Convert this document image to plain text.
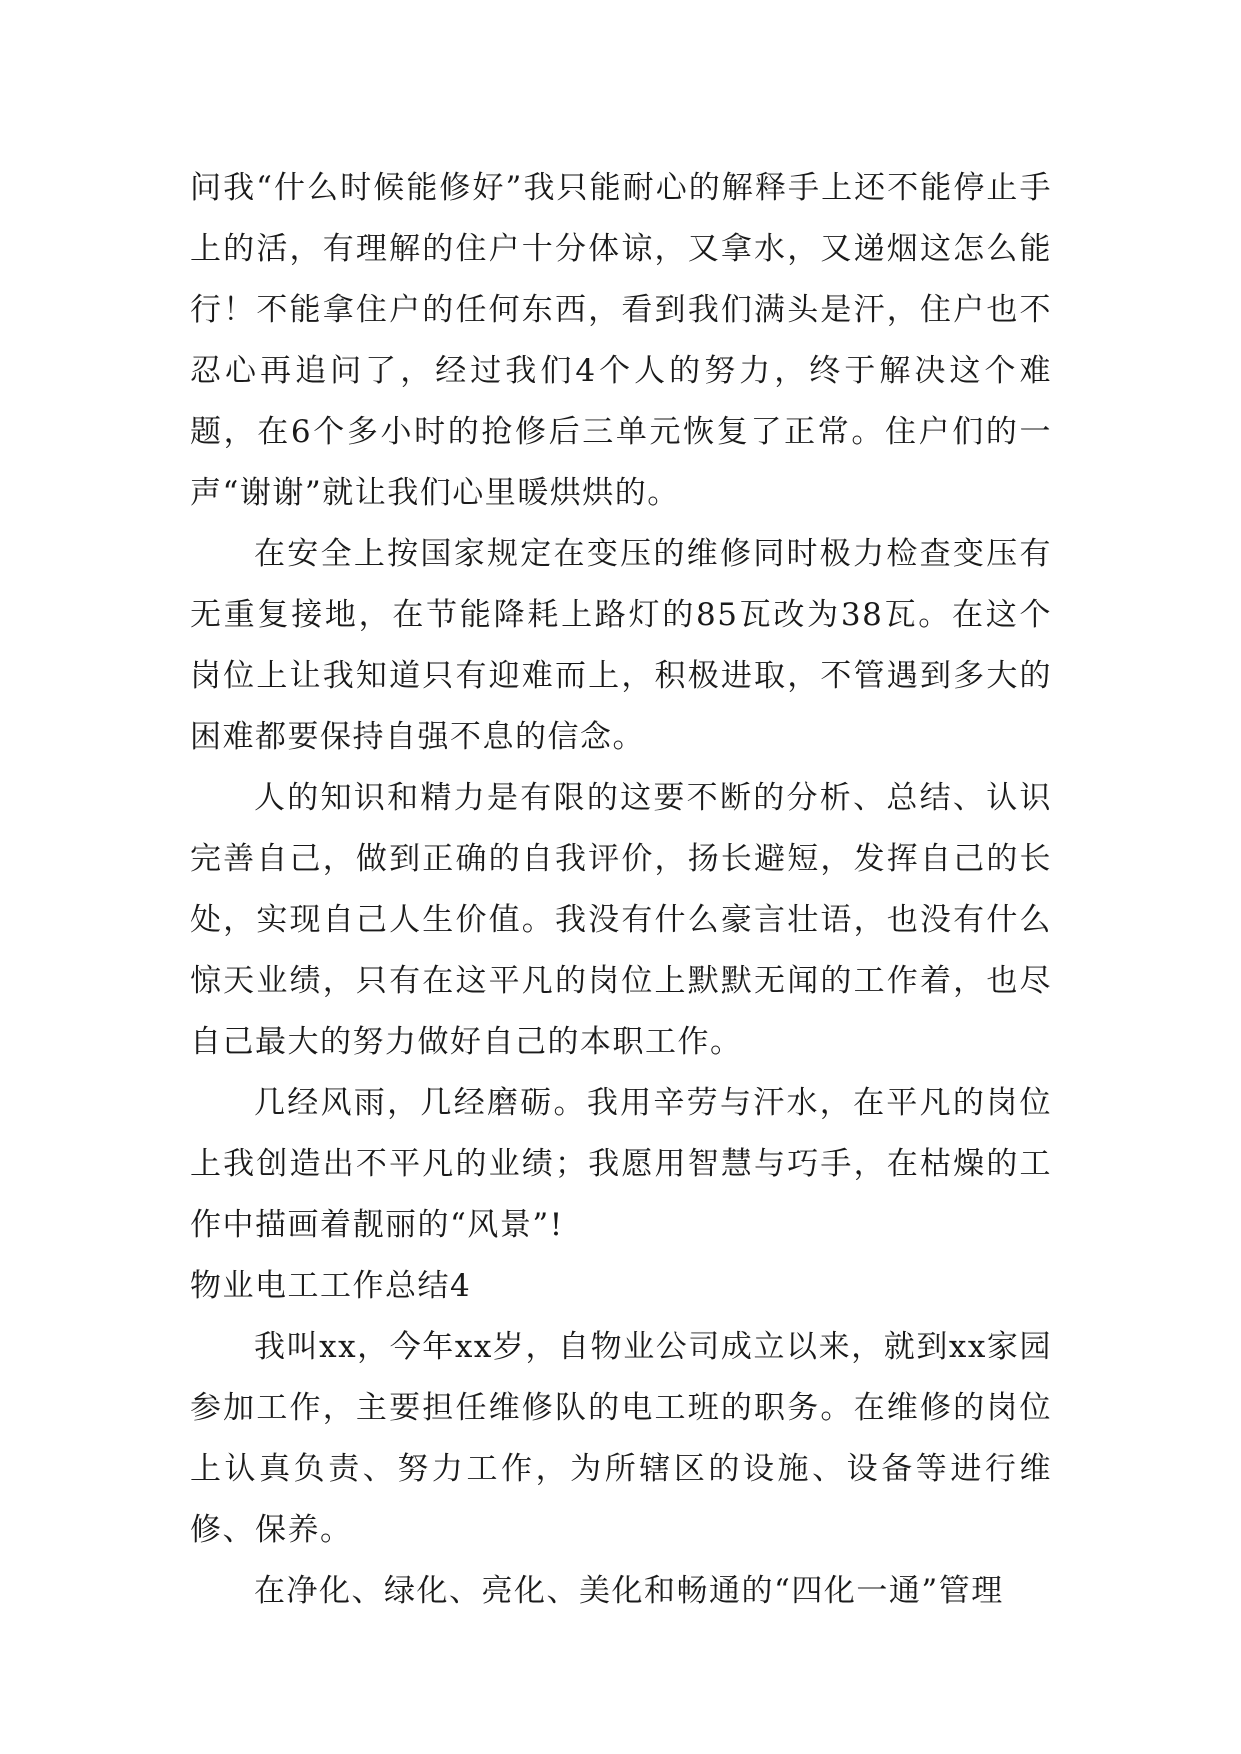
问我“什么时候能修好”我只能耐心的解释手上还不能停止手上的活，有理解的住户十分体谅，又拿水，又递烟这怎么能行！不能拿住户的任何东西，看到我们满头是汗，住户也不忍心再追问了，经过我们4个人的努力，终于解决这个难题，在6个多小时的抢修后三单元恢复了正常。住户们的一声“谢谢”就让我们心里暖烘烘的。

在安全上按国家规定在变压的维修同时极力检查变压有无重复接地，在节能降耗上路灯的85瓦改为38瓦。在这个岗位上让我知道只有迎难而上，积极进取，不管遇到多大的困难都要保持自强不息的信念。

人的知识和精力是有限的这要不断的分析、总结、认识完善自己，做到正确的自我评价，扬长避短，发挥自己的长处，实现自己人生价值。我没有什么豪言壮语，也没有什么惊天业绩，只有在这平凡的岗位上默默无闻的工作着，也尽自己最大的努力做好自己的本职工作。

几经风雨，几经磨砺。我用辛劳与汗水，在平凡的岗位上我创造出不平凡的业绩；我愿用智慧与巧手，在枯燥的工作中描画着靓丽的“风景”!

物业电工工作总结4

我叫xx，今年xx岁，自物业公司成立以来，就到xx家园参加工作，主要担任维修队的电工班的职务。在维修的岗位上认真负责、努力工作，为所辖区的设施、设备等进行维修、保养。

在净化、绿化、亮化、美化和畅通的“四化一通”管理
